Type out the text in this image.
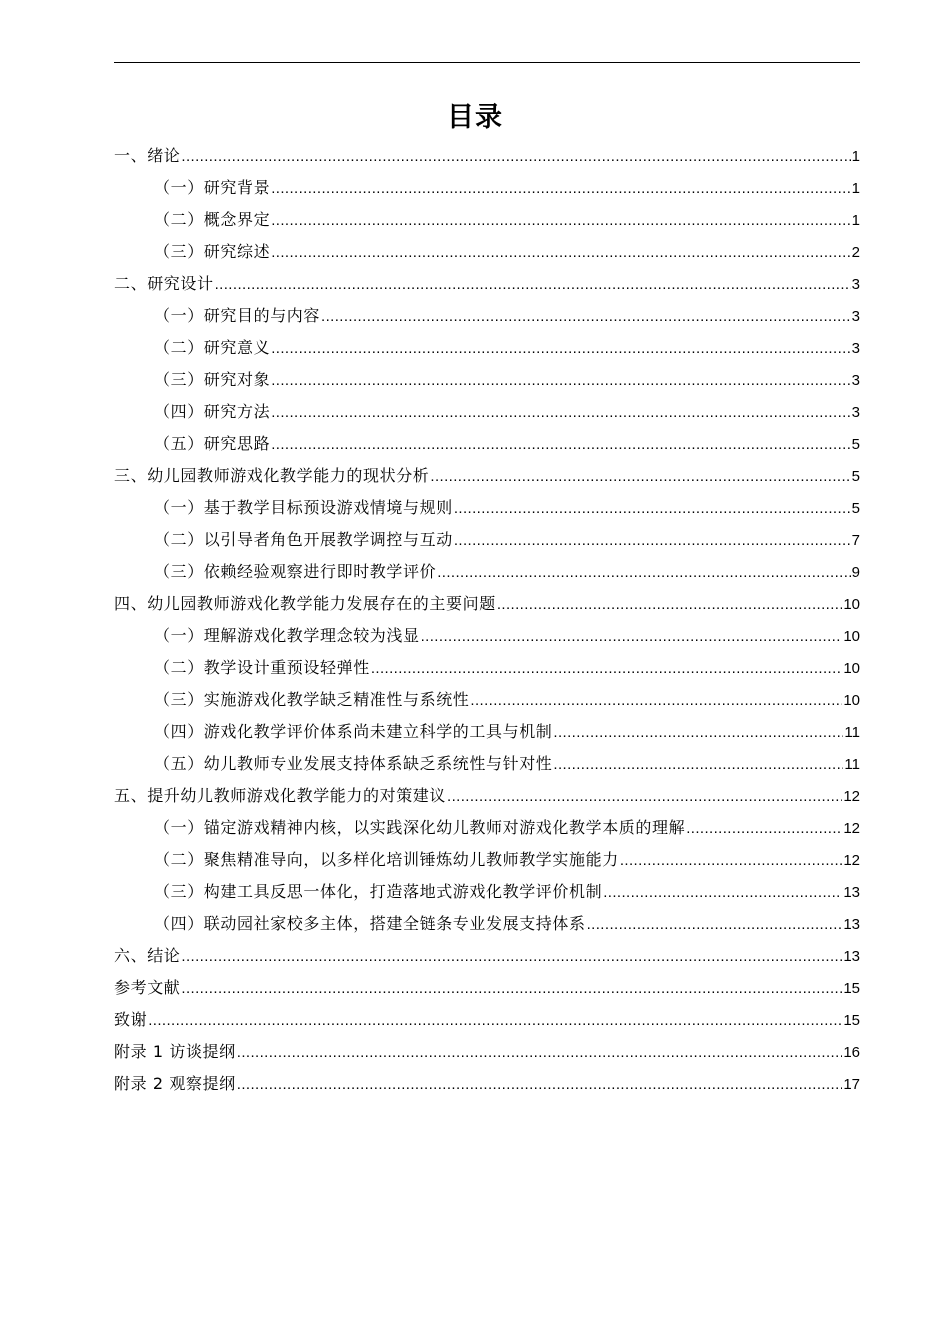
目录
一、绪论 .....	1
（一）研究背景 .....	1
（二）概念界定 .....	1
（三）研究综述 .....	2
二、研究设计 .....	3
（一）研究目的与内容 .....	3
（二）研究意义 .....	3
（三）研究对象 .....	3
（四）研究方法 .....	3
（五）研究思路 .....	5
三、幼儿园教师游戏化教学能力的现状分析 .....	5
（一）基于教学目标预设游戏情境与规则 .....	5
（二）以引导者角色开展教学调控与互动 .....	7
（三）依赖经验观察进行即时教学评价 .....	9
四、幼儿园教师游戏化教学能力发展存在的主要问题 .....	10
（一）理解游戏化教学理念较为浅显 .....	10
（二）教学设计重预设轻弹性 .....	10
（三）实施游戏化教学缺乏精准性与系统性 .....	10
（四）游戏化教学评价体系尚未建立科学的工具与机制 .....	11
（五）幼儿教师专业发展支持体系缺乏系统性与针对性 .....	11
五、提升幼儿教师游戏化教学能力的对策建议 .....	12
（一）锚定游戏精神内核，以实践深化幼儿教师对游戏化教学本质的理解 .....	12
（二）聚焦精准导向，以多样化培训锤炼幼儿教师教学实施能力 .....	12
（三）构建工具反思一体化，打造落地式游戏化教学评价机制 .....	13
（四）联动园社家校多主体，搭建全链条专业发展支持体系 .....	13
六、结论 .....	13
参考文献 .....	15
致谢 .....	15
附录 1 访谈提纲 .....	16
附录 2 观察提纲 .....	17
